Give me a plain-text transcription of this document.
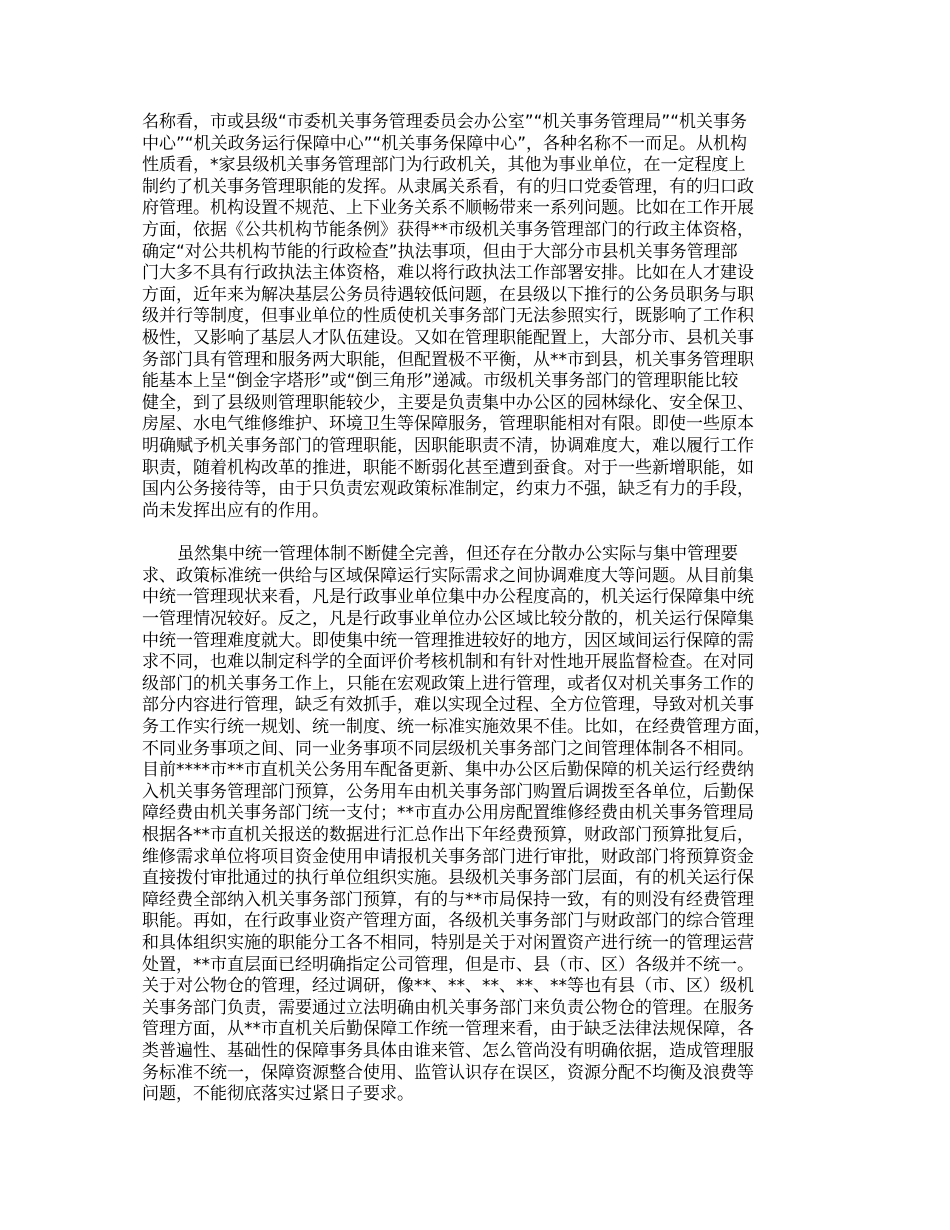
名称看，市或县级“市委机关事务管理委员会办公室”“机关事务管理局”“机关事务
中心”“机关政务运行保障中心”“机关事务保障中心”，各种名称不一而足。从机构
性质看，*家县级机关事务管理部门为行政机关，其他为事业单位，在一定程度上
制约了机关事务管理职能的发挥。从隶属关系看，有的归口党委管理，有的归口政
府管理。机构设置不规范、上下业务关系不顺畅带来一系列问题。比如在工作开展
方面，依据《公共机构节能条例》获得**市级机关事务管理部门的行政主体资格，
确定“对公共机构节能的行政检查”执法事项，但由于大部分市县机关事务管理部
门大多不具有行政执法主体资格，难以将行政执法工作部署安排。比如在人才建设
方面，近年来为解决基层公务员待遇较低问题，在县级以下推行的公务员职务与职
级并行等制度，但事业单位的性质使机关事务部门无法参照实行，既影响了工作积
极性，又影响了基层人才队伍建设。又如在管理职能配置上，大部分市、县机关事
务部门具有管理和服务两大职能，但配置极不平衡，从**市到县，机关事务管理职
能基本上呈“倒金字塔形”或“倒三角形”递减。市级机关事务部门的管理职能比较
健全，到了县级则管理职能较少，主要是负责集中办公区的园林绿化、安全保卫、
房屋、水电气维修维护、环境卫生等保障服务，管理职能相对有限。即使一些原本
明确赋予机关事务部门的管理职能，因职能职责不清，协调难度大，难以履行工作
职责，随着机构改革的推进，职能不断弱化甚至遭到蚕食。对于一些新增职能，如
国内公务接待等，由于只负责宏观政策标准制定，约束力不强，缺乏有力的手段，
尚未发挥出应有的作用。
虽然集中统一管理体制不断健全完善，但还存在分散办公实际与集中管理要
求、政策标准统一供给与区域保障运行实际需求之间协调难度大等问题。从目前集
中统一管理现状来看，凡是行政事业单位集中办公程度高的，机关运行保障集中统
一管理情况较好。反之，凡是行政事业单位办公区域比较分散的，机关运行保障集
中统一管理难度就大。即使集中统一管理推进较好的地方，因区域间运行保障的需
求不同，也难以制定科学的全面评价考核机制和有针对性地开展监督检查。在对同
级部门的机关事务工作上，只能在宏观政策上进行管理，或者仅对机关事务工作的
部分内容进行管理，缺乏有效抓手，难以实现全过程、全方位管理，导致对机关事
务工作实行统一规划、统一制度、统一标准实施效果不佳。比如，在经费管理方面，
不同业务事项之间、同一业务事项不同层级机关事务部门之间管理体制各不相同。
目前****市**市直机关公务用车配备更新、集中办公区后勤保障的机关运行经费纳
入机关事务管理部门预算，公务用车由机关事务部门购置后调拨至各单位，后勤保
障经费由机关事务部门统一支付；**市直办公用房配置维修经费由机关事务管理局
根据各**市直机关报送的数据进行汇总作出下年经费预算，财政部门预算批复后，
维修需求单位将项目资金使用申请报机关事务部门进行审批，财政部门将预算资金
直接拨付审批通过的执行单位组织实施。县级机关事务部门层面，有的机关运行保
障经费全部纳入机关事务部门预算，有的与**市局保持一致，有的则没有经费管理
职能。再如，在行政事业资产管理方面，各级机关事务部门与财政部门的综合管理
和具体组织实施的职能分工各不相同，特别是关于对闲置资产进行统一的管理运营
处置，**市直层面已经明确指定公司管理，但是市、县（市、区）各级并不统一。
关于对公物仓的管理，经过调研，像**、**、**、**、**等也有县（市、区）级机
关事务部门负责，需要通过立法明确由机关事务部门来负责公物仓的管理。在服务
管理方面，从**市直机关后勤保障工作统一管理来看，由于缺乏法律法规保障，各
类普遍性、基础性的保障事务具体由谁来管、怎么管尚没有明确依据，造成管理服
务标准不统一，保障资源整合使用、监管认识存在误区，资源分配不均衡及浪费等
问题，不能彻底落实过紧日子要求。
